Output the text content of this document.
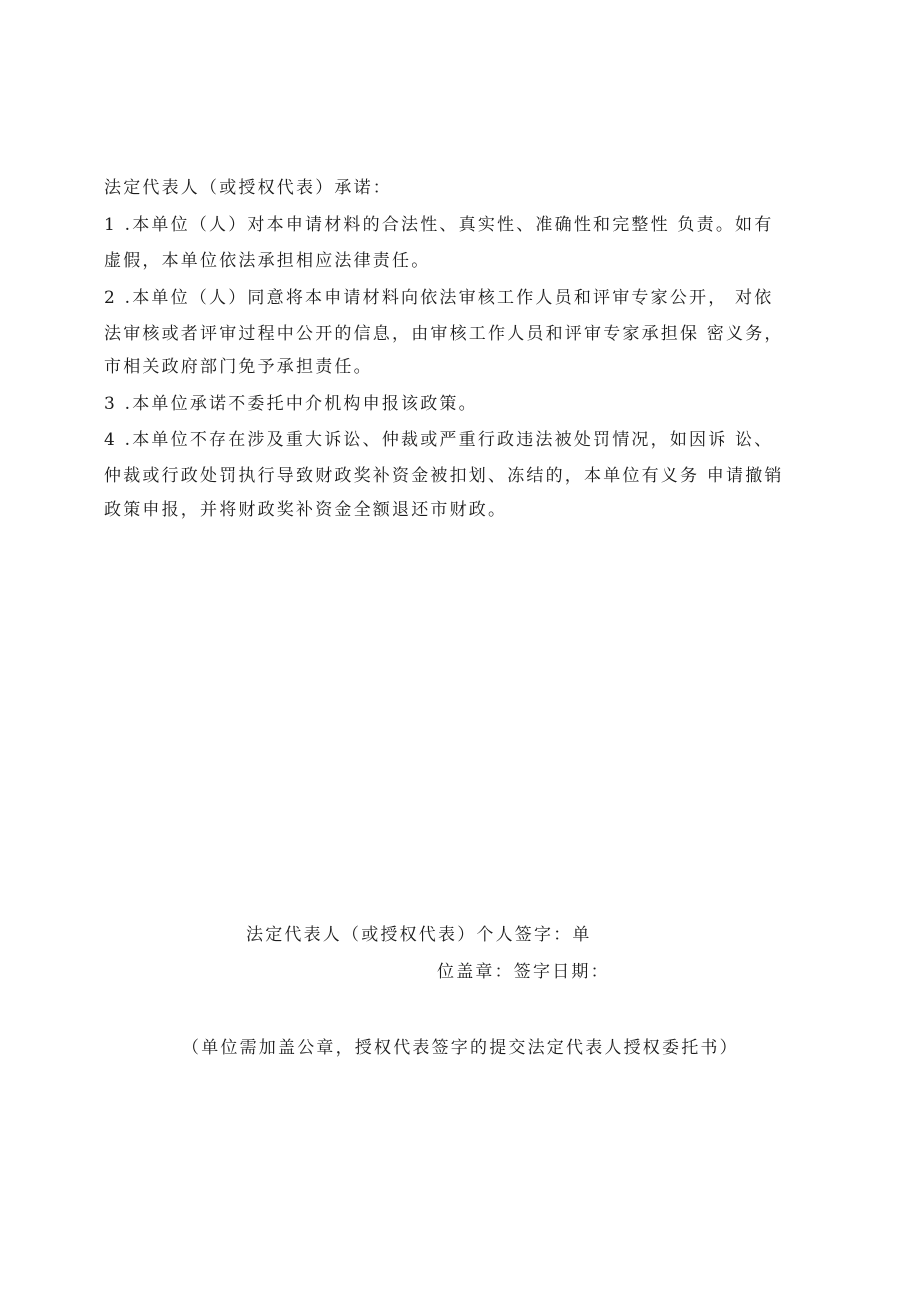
法定代表人（或授权代表）承诺：
1 .本单位（人）对本申请材料的合法性、真实性、准确性和完整性 负责。如有
虚假，本单位依法承担相应法律责任。
2 .本单位（人）同意将本申请材料向依法审核工作人员和评审专家公开， 对依
法审核或者评审过程中公开的信息，由审核工作人员和评审专家承担保 密义务，
市相关政府部门免予承担责任。
3 .本单位承诺不委托中介机构申报该政策。
4 .本单位不存在涉及重大诉讼、仲裁或严重行政违法被处罚情况，如因诉 讼、
仲裁或行政处罚执行导致财政奖补资金被扣划、冻结的，本单位有义务 申请撤销
政策申报，并将财政奖补资金全额退还市财政。
法定代表人（或授权代表）个人签字：单
位盖章：签字日期：
（单位需加盖公章，授权代表签字的提交法定代表人授权委托书）
